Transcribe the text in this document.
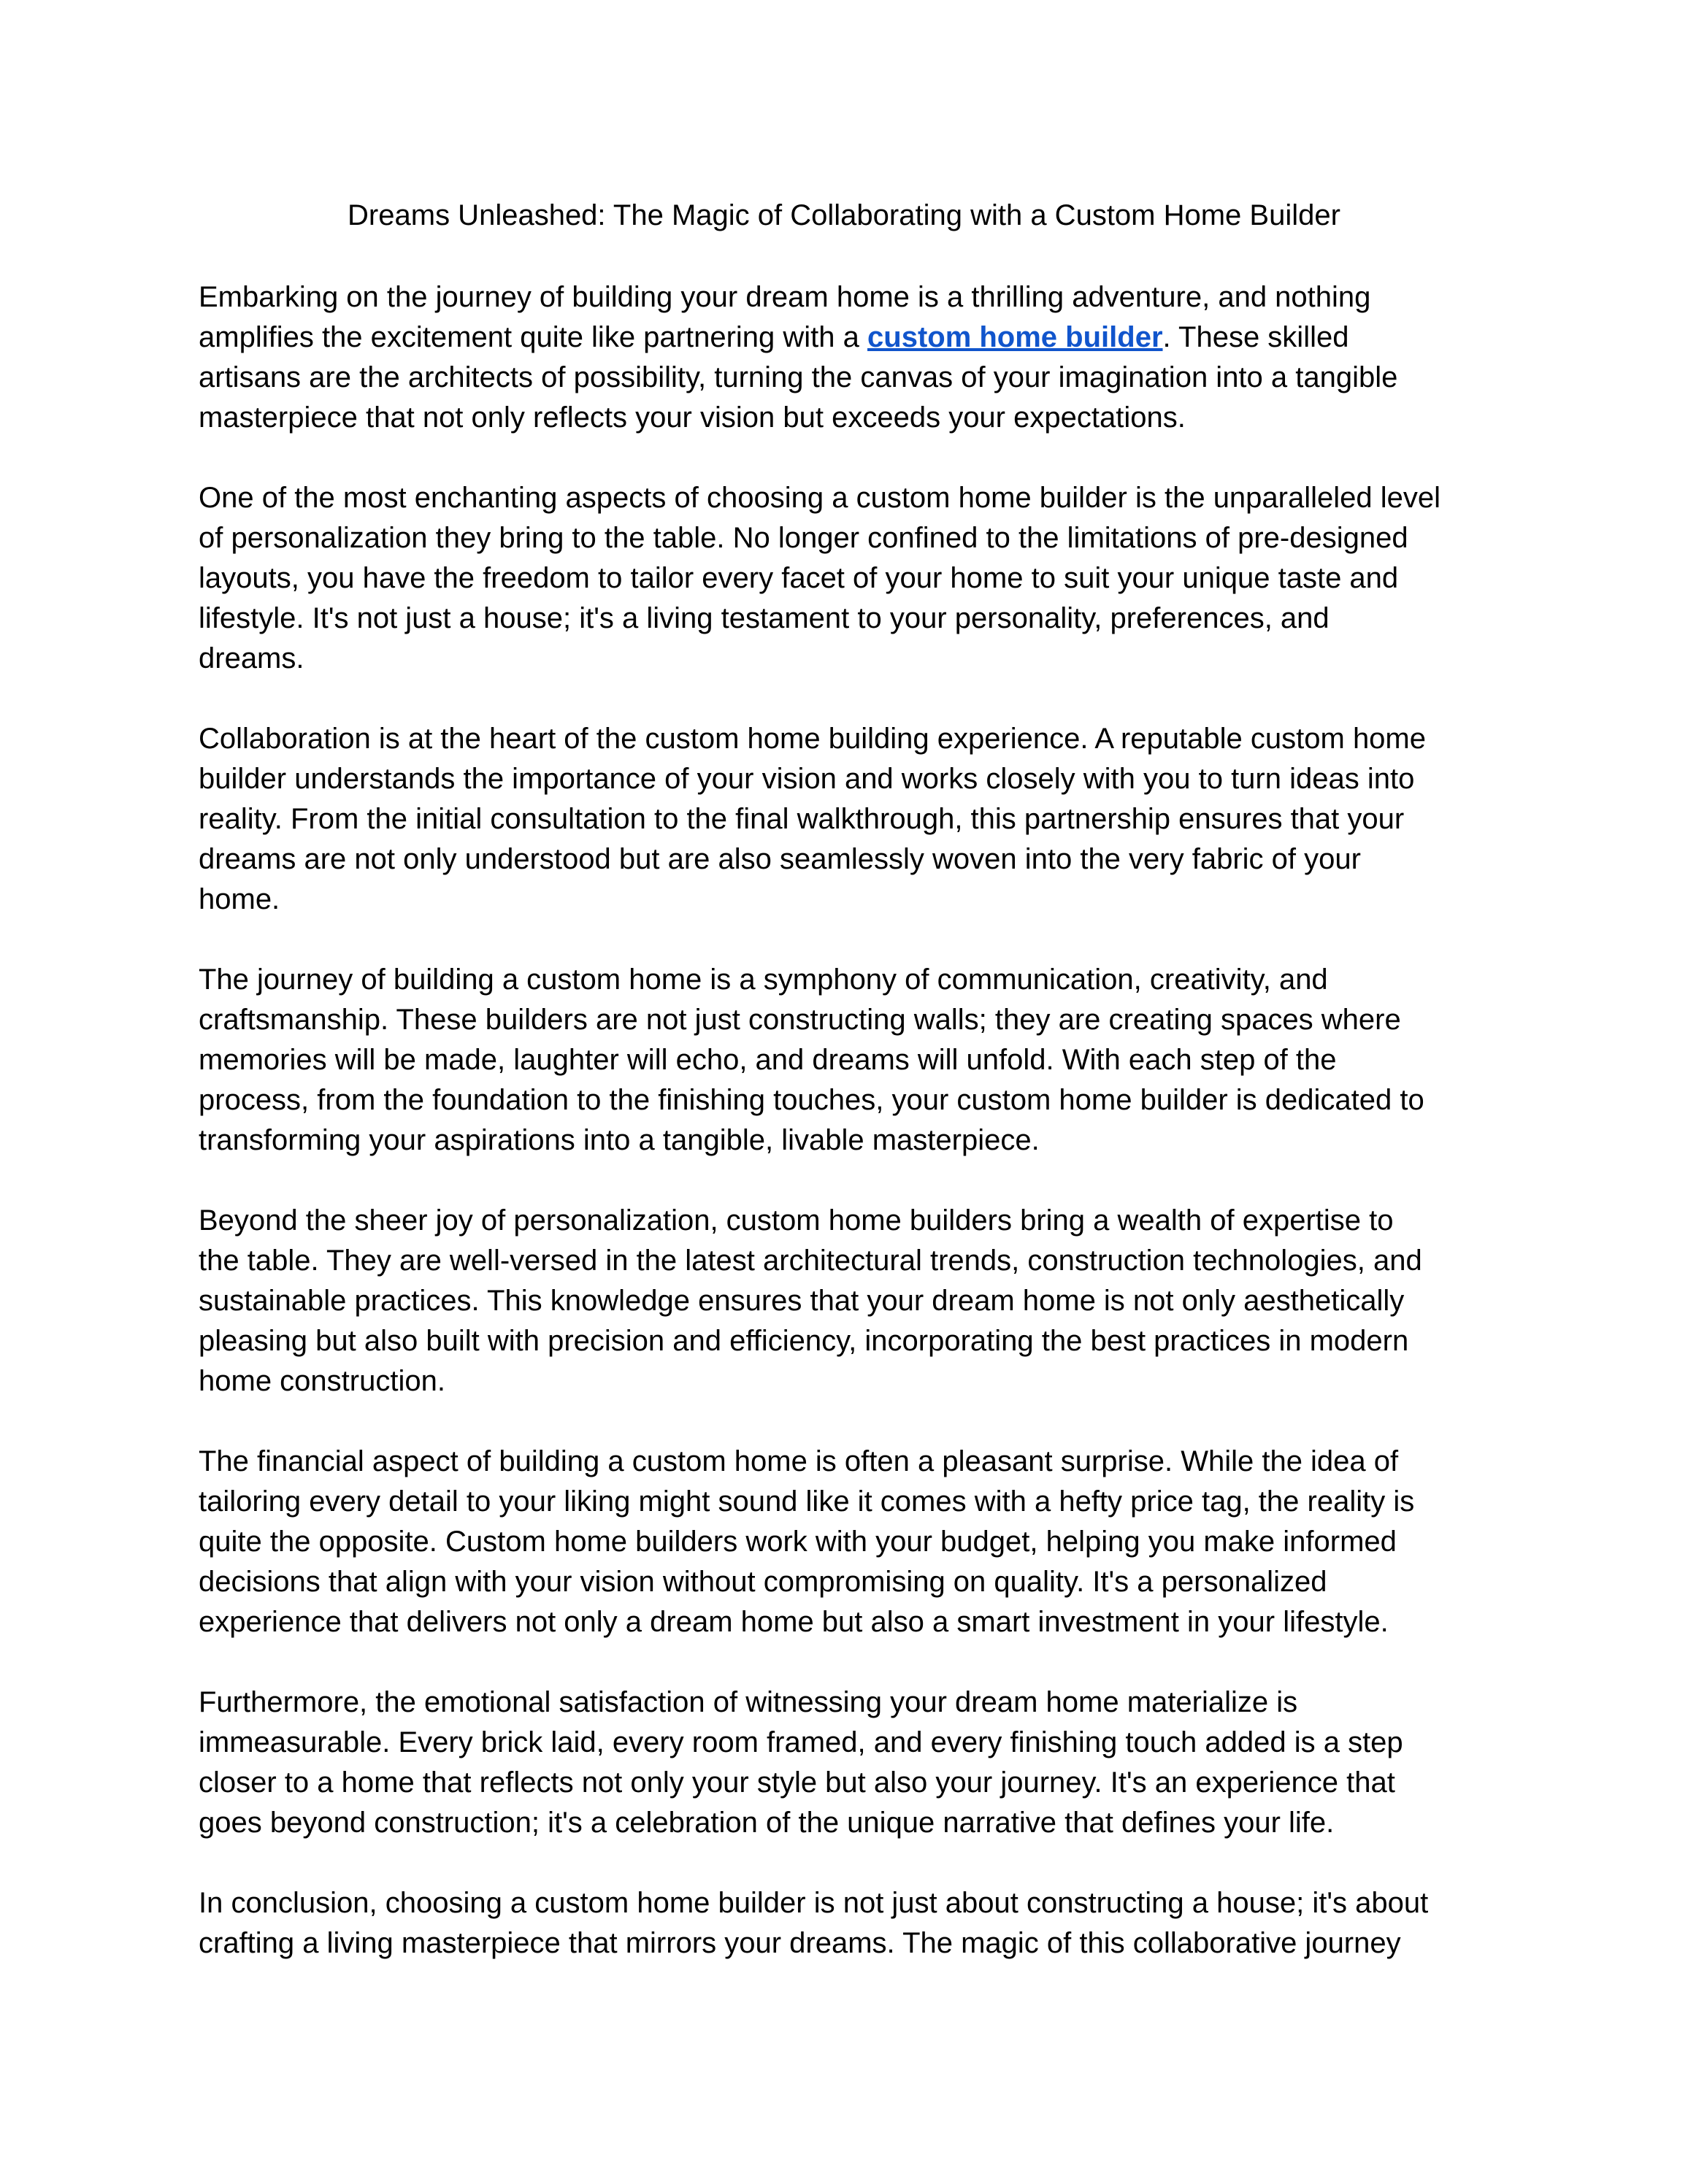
Dreams Unleashed: The Magic of Collaborating with a Custom Home Builder

Embarking on the journey of building your dream home is a thrilling adventure, and nothing
amplifies the excitement quite like partnering with a custom home builder. These skilled
artisans are the architects of possibility, turning the canvas of your imagination into a tangible
masterpiece that not only reflects your vision but exceeds your expectations.

One of the most enchanting aspects of choosing a custom home builder is the unparalleled level
of personalization they bring to the table. No longer confined to the limitations of pre-designed
layouts, you have the freedom to tailor every facet of your home to suit your unique taste and
lifestyle. It's not just a house; it's a living testament to your personality, preferences, and
dreams.

Collaboration is at the heart of the custom home building experience. A reputable custom home
builder understands the importance of your vision and works closely with you to turn ideas into
reality. From the initial consultation to the final walkthrough, this partnership ensures that your
dreams are not only understood but are also seamlessly woven into the very fabric of your
home.

The journey of building a custom home is a symphony of communication, creativity, and
craftsmanship. These builders are not just constructing walls; they are creating spaces where
memories will be made, laughter will echo, and dreams will unfold. With each step of the
process, from the foundation to the finishing touches, your custom home builder is dedicated to
transforming your aspirations into a tangible, livable masterpiece.

Beyond the sheer joy of personalization, custom home builders bring a wealth of expertise to
the table. They are well-versed in the latest architectural trends, construction technologies, and
sustainable practices. This knowledge ensures that your dream home is not only aesthetically
pleasing but also built with precision and efficiency, incorporating the best practices in modern
home construction.

The financial aspect of building a custom home is often a pleasant surprise. While the idea of
tailoring every detail to your liking might sound like it comes with a hefty price tag, the reality is
quite the opposite. Custom home builders work with your budget, helping you make informed
decisions that align with your vision without compromising on quality. It's a personalized
experience that delivers not only a dream home but also a smart investment in your lifestyle.

Furthermore, the emotional satisfaction of witnessing your dream home materialize is
immeasurable. Every brick laid, every room framed, and every finishing touch added is a step
closer to a home that reflects not only your style but also your journey. It's an experience that
goes beyond construction; it's a celebration of the unique narrative that defines your life.

In conclusion, choosing a custom home builder is not just about constructing a house; it's about
crafting a living masterpiece that mirrors your dreams. The magic of this collaborative journey
